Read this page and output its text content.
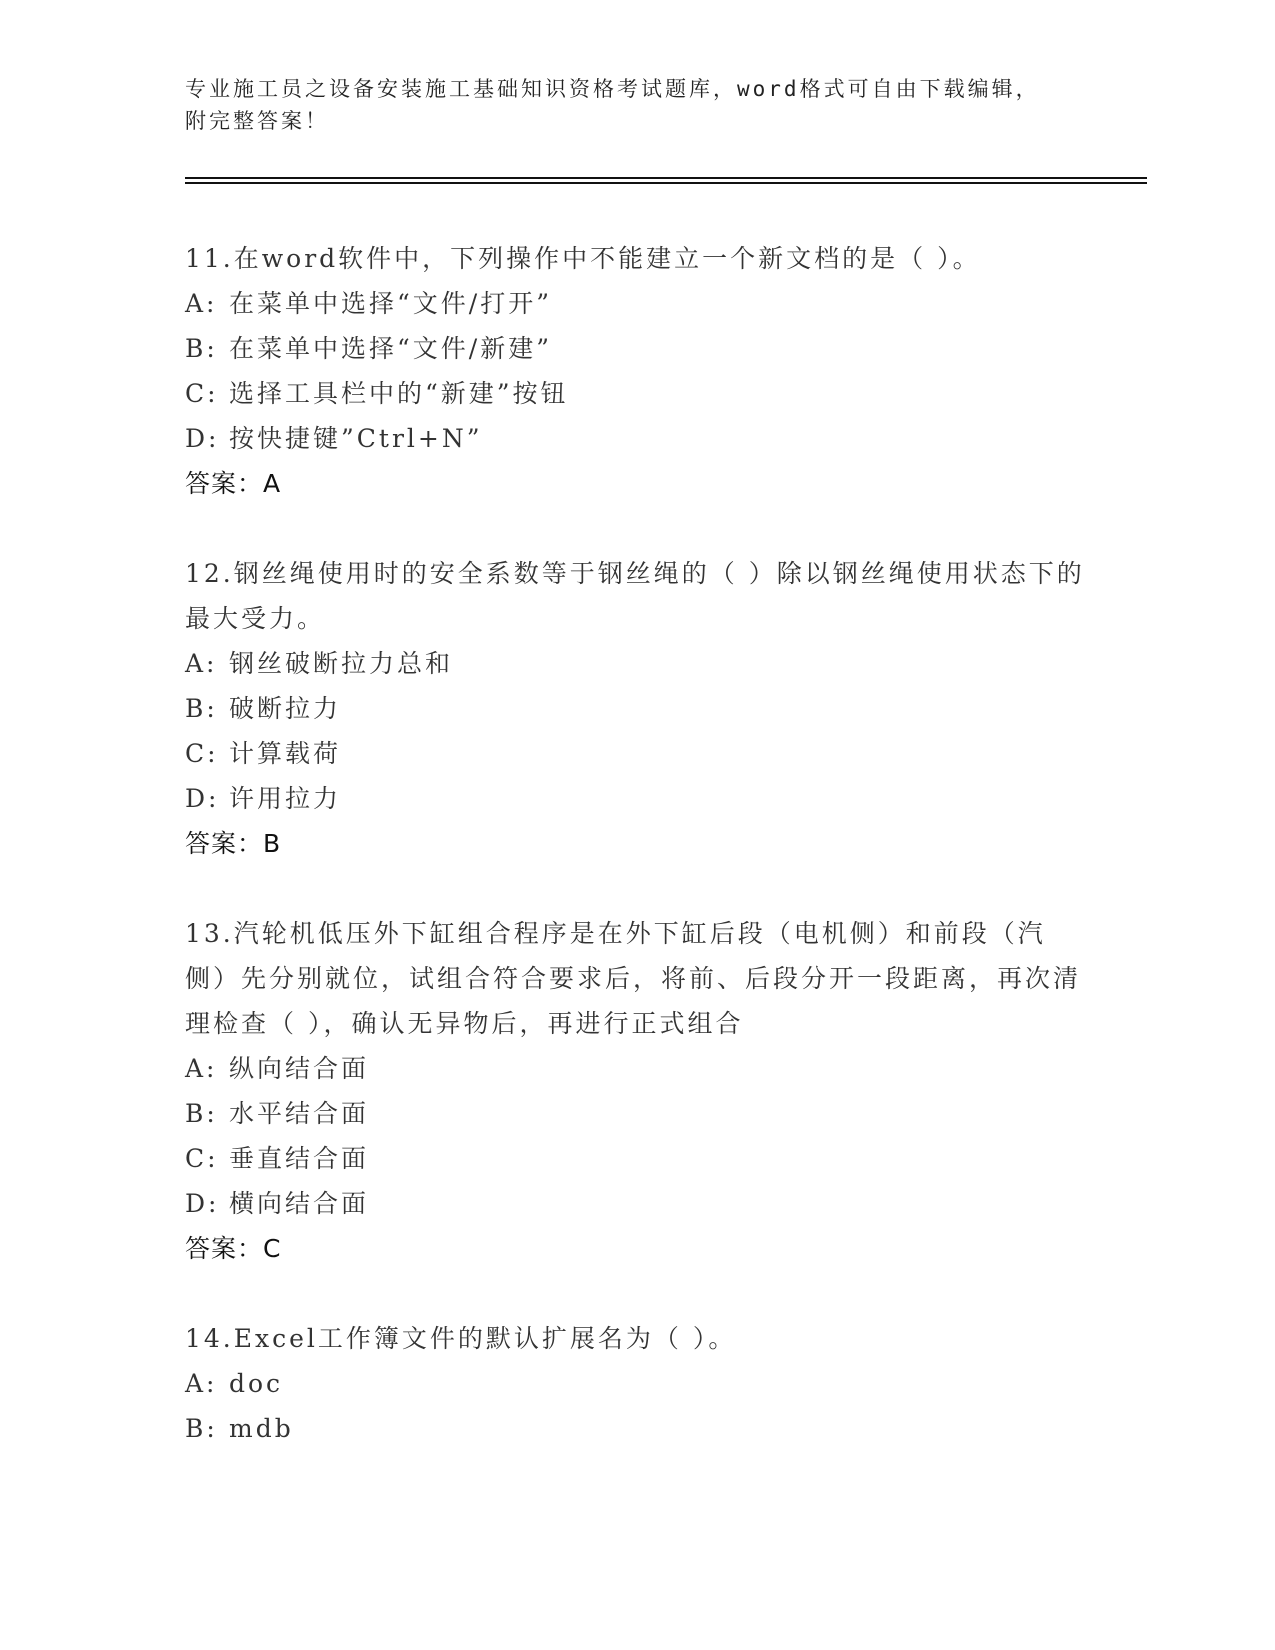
专业施工员之设备安装施工基础知识资格考试题库，word格式可自由下载编辑，
附完整答案！

11.在word软件中，下列操作中不能建立一个新文档的是（ ）。

A: 在菜单中选择“文件/打开”

B: 在菜单中选择“文件/新建”

C: 选择工具栏中的“新建”按钮

D: 按快捷键”Ctrl+N”

答案：A

12.钢丝绳使用时的安全系数等于钢丝绳的（ ）除以钢丝绳使用状态下的最大受力。

A: 钢丝破断拉力总和

B: 破断拉力

C: 计算载荷

D: 许用拉力

答案：B

13.汽轮机低压外下缸组合程序是在外下缸后段（电机侧）和前段（汽侧）先分别就位，试组合符合要求后，将前、后段分开一段距离，再次清理检查（ ），确认无异物后，再进行正式组合

A: 纵向结合面

B: 水平结合面

C: 垂直结合面

D: 横向结合面

答案：C

14.Excel工作簿文件的默认扩展名为（ ）。

A: doc

B: mdb
